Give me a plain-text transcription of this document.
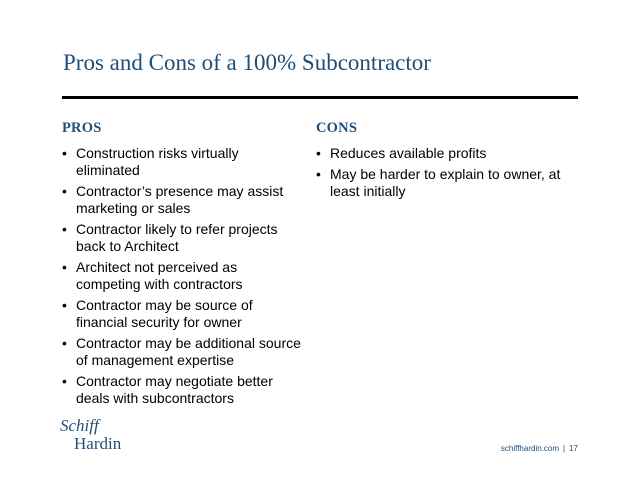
Pros and Cons of a 100% Subcontractor
PROS
• Construction risks virtually eliminated
• Contractor’s presence may assist marketing or sales
• Contractor likely to refer projects back to Architect
• Architect not perceived as competing with contractors
• Contractor may be source of financial security for owner
• Contractor may be additional source of management expertise
• Contractor may negotiate better deals with subcontractors
CONS
• Reduces available profits
• May be harder to explain to owner, at least initially
Schiff
Hardin	schiffhardin.com | 17
